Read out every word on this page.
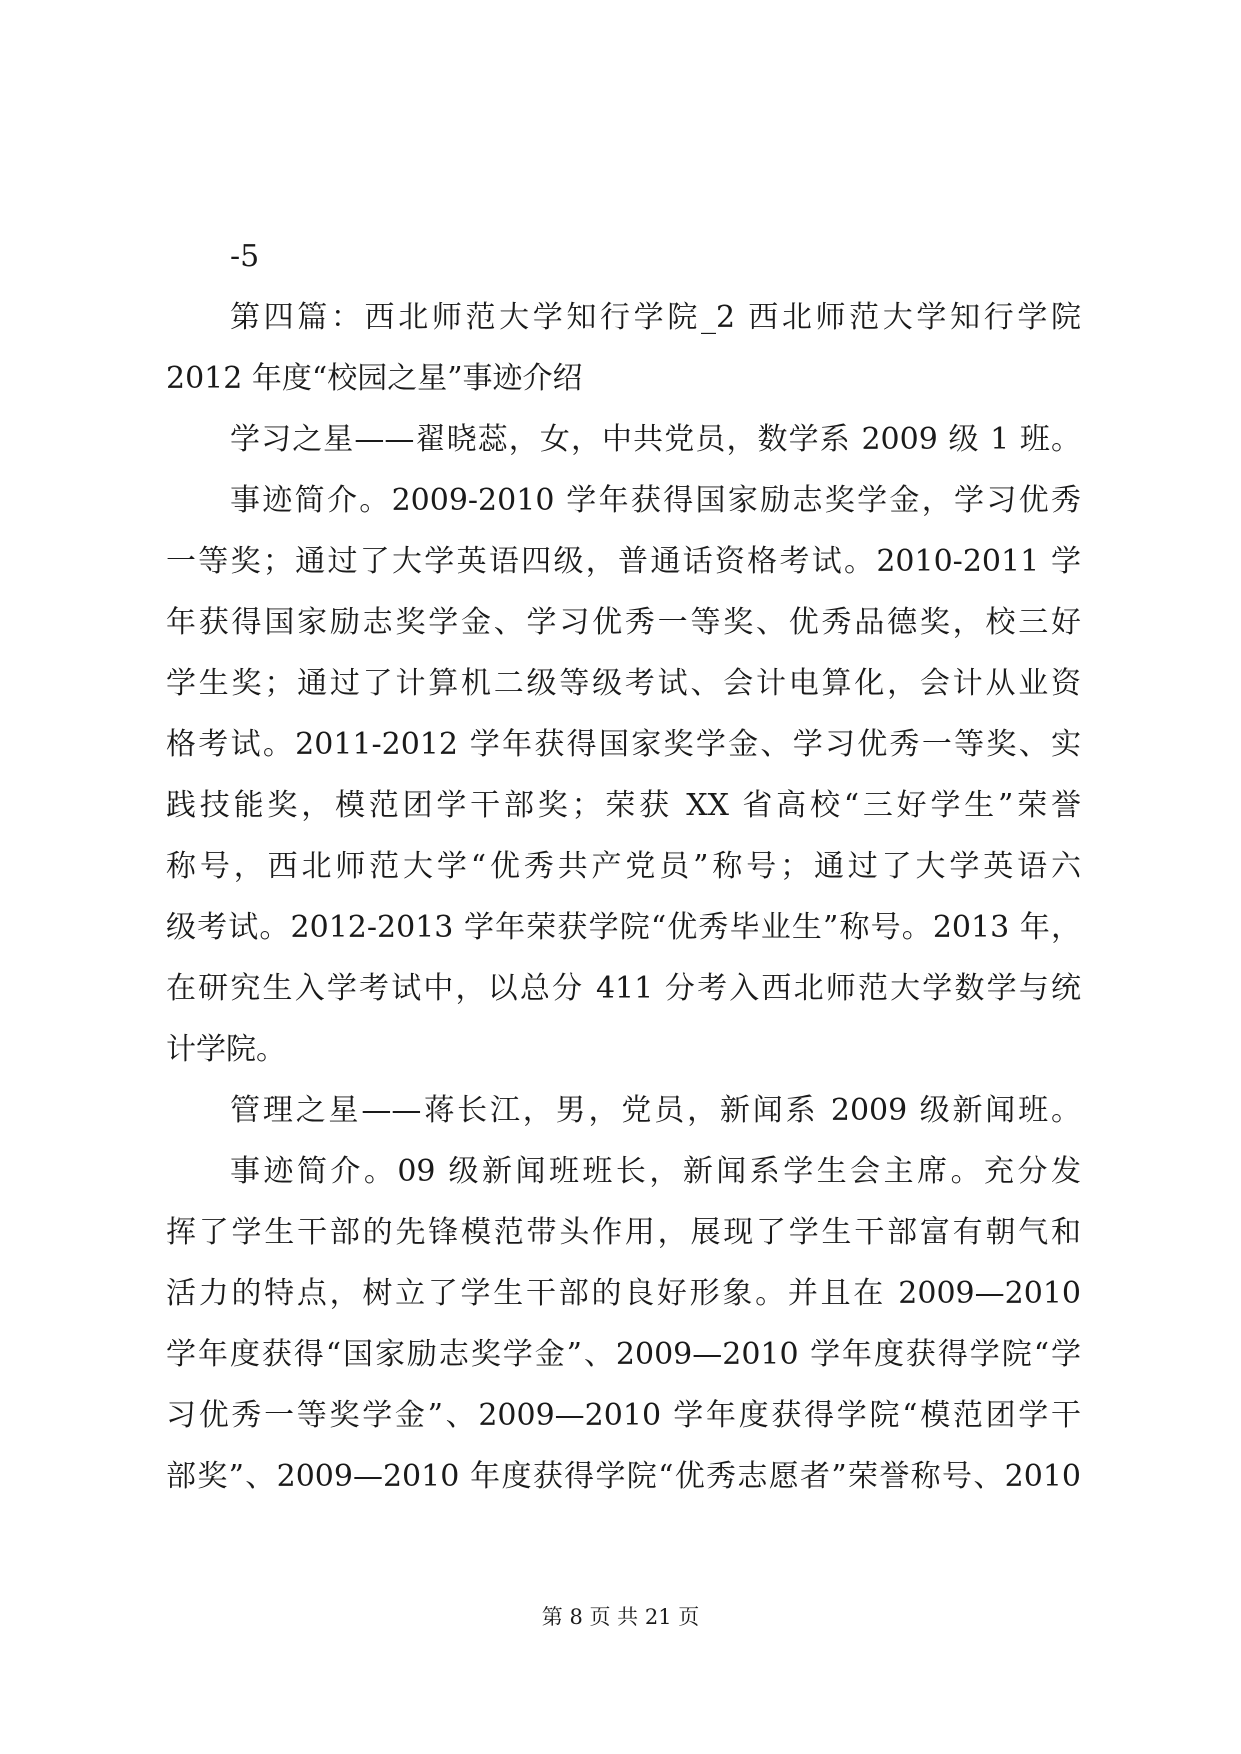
-5
第四篇：西北师范大学知行学院_2 西北师范大学知行学院
2012 年度“校园之星”事迹介绍
学习之星——翟晓蕊，女，中共党员，数学系 2009 级 1 班。
事迹简介。2009-2010 学年获得国家励志奖学金，学习优秀
一等奖；通过了大学英语四级，普通话资格考试。2010-2011 学
年获得国家励志奖学金、学习优秀一等奖、优秀品德奖，校三好
学生奖；通过了计算机二级等级考试、会计电算化，会计从业资
格考试。2011-2012 学年获得国家奖学金、学习优秀一等奖、实
践技能奖，模范团学干部奖；荣获 XX 省高校“三好学生”荣誉
称号，西北师范大学“优秀共产党员”称号；通过了大学英语六
级考试。2012-2013 学年荣获学院“优秀毕业生”称号。2013 年，
在研究生入学考试中，以总分 411 分考入西北师范大学数学与统
计学院。
管理之星——蒋长江，男，党员，新闻系 2009 级新闻班。
事迹简介。09 级新闻班班长，新闻系学生会主席。充分发
挥了学生干部的先锋模范带头作用，展现了学生干部富有朝气和
活力的特点，树立了学生干部的良好形象。并且在 2009—2010
学年度获得“国家励志奖学金”、2009—2010 学年度获得学院“学
习优秀一等奖学金”、2009—2010 学年度获得学院“模范团学干
部奖”、2009—2010 年度获得学院“优秀志愿者”荣誉称号、2010
第 8 页 共 21 页
